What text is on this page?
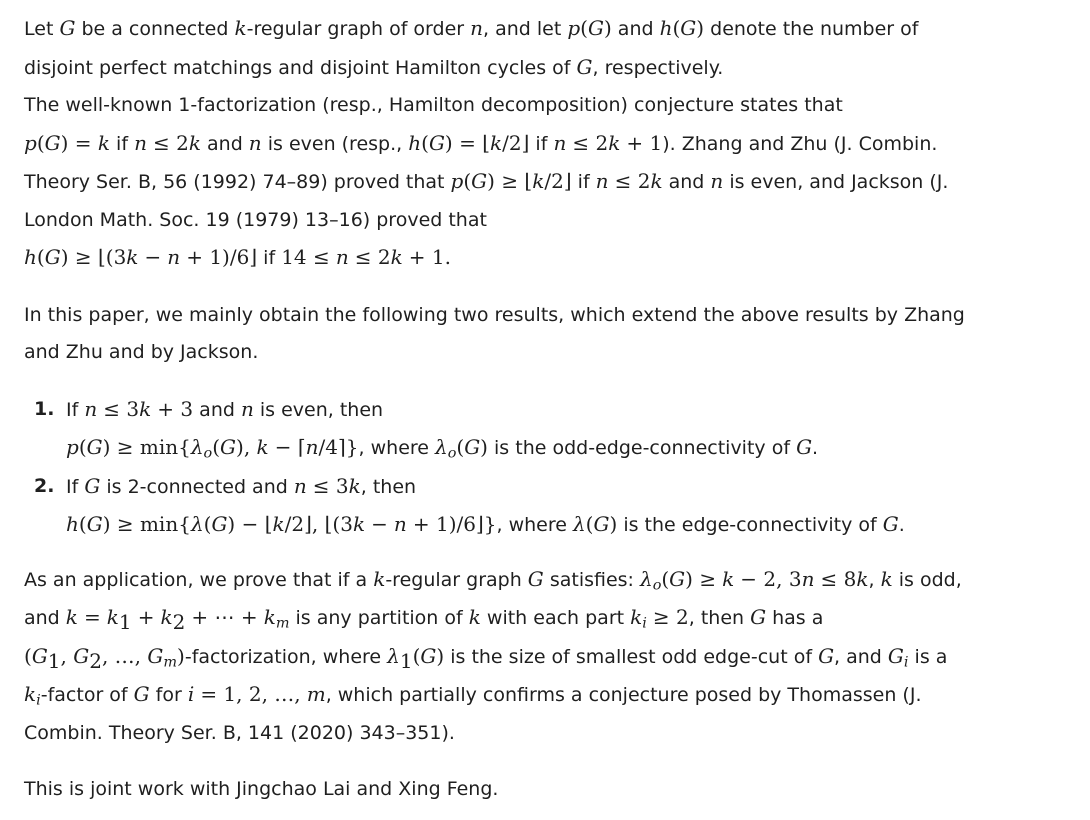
Let G be a connected k-regular graph of order n, and let p(G) and h(G) denote the number of
disjoint perfect matchings and disjoint Hamilton cycles of G, respectively.
The well-known 1-factorization (resp., Hamilton decomposition) conjecture states that
p(G) = k if n ≤ 2k and n is even (resp., h(G) = ⌊k/2⌋ if n ≤ 2k + 1). Zhang and Zhu (J. Combin.
Theory Ser. B, 56 (1992) 74–89) proved that p(G) ≥ ⌊k/2⌋ if n ≤ 2k and n is even, and Jackson (J.
London Math. Soc. 19 (1979) 13–16) proved that
h(G) ≥ ⌊(3k − n + 1)/6⌋ if 14 ≤ n ≤ 2k + 1.
In this paper, we mainly obtain the following two results, which extend the above results by Zhang
and Zhu and by Jackson.
1. If n ≤ 3k + 3 and n is even, then
$p(G) \ge \min\{\lambda_o(G)$, k − ⌈n/4⌉}, where $\lambda_o(G)$ is the odd-edge-connectivity of G.
2. If G is 2-connected and n ≤ 3k, then
h(G) ≥ min{λ(G) − ⌊k/2⌋, ⌊(3k − n + 1)/6⌋}, where λ(G) is the edge-connectivity of G.
As an application, we prove that if a k-regular graph G satisfies: $\lambda_o(G) \ge k - 2$, 3n ≤ 8k, k is odd,
and $k = k_1 + k_2$ + ⋯ + $k_m$ is any partition of k with each part $k_i \ge 2$, then G has a
($G_1$, $G_2$, …, $G_m$)-factorization, where $\lambda_1(G)$ is the size of smallest odd edge-cut of G, and $G_i$ is a
$k_i$-factor of G for i = 1, 2, …, m, which partially confirms a conjecture posed by Thomassen (J.
Combin. Theory Ser. B, 141 (2020) 343–351).
This is joint work with Jingchao Lai and Xing Feng.
